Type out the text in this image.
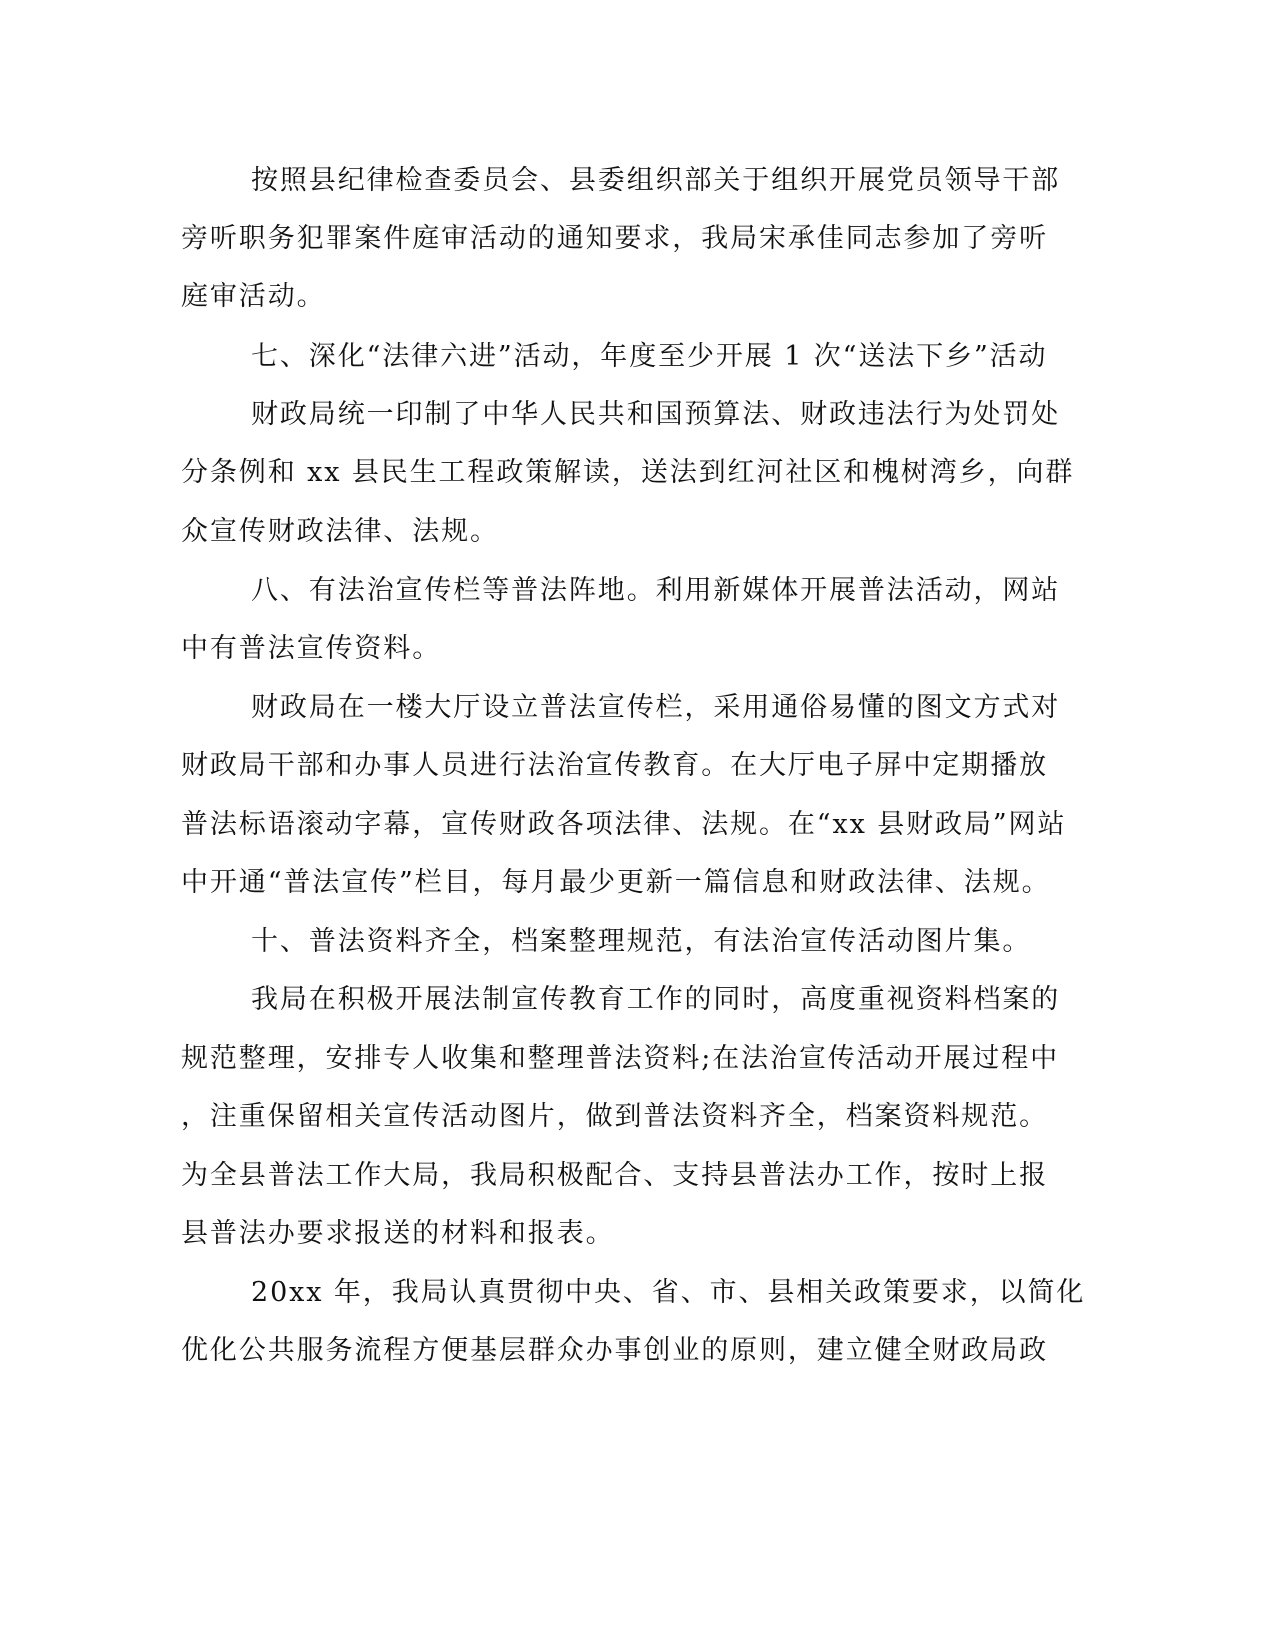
按照县纪律检查委员会、县委组织部关于组织开展党员领导干部

旁听职务犯罪案件庭审活动的通知要求，我局宋承佳同志参加了旁听

庭审活动。

七、深化“法律六进”活动，年度至少开展 1 次“送法下乡”活动

财政局统一印制了中华人民共和国预算法、财政违法行为处罚处

分条例和 xx 县民生工程政策解读，送法到红河社区和槐树湾乡，向群

众宣传财政法律、法规。

八、有法治宣传栏等普法阵地。利用新媒体开展普法活动，网站

中有普法宣传资料。

财政局在一楼大厅设立普法宣传栏，采用通俗易懂的图文方式对

财政局干部和办事人员进行法治宣传教育。在大厅电子屏中定期播放

普法标语滚动字幕，宣传财政各项法律、法规。在“xx 县财政局”网站

中开通“普法宣传”栏目，每月最少更新一篇信息和财政法律、法规。

十、普法资料齐全，档案整理规范，有法治宣传活动图片集。

我局在积极开展法制宣传教育工作的同时，高度重视资料档案的

规范整理，安排专人收集和整理普法资料;在法治宣传活动开展过程中

，注重保留相关宣传活动图片，做到普法资料齐全，档案资料规范。

为全县普法工作大局，我局积极配合、支持县普法办工作，按时上报

县普法办要求报送的材料和报表。

20xx 年，我局认真贯彻中央、省、市、县相关政策要求，以简化

优化公共服务流程方便基层群众办事创业的原则，建立健全财政局政
